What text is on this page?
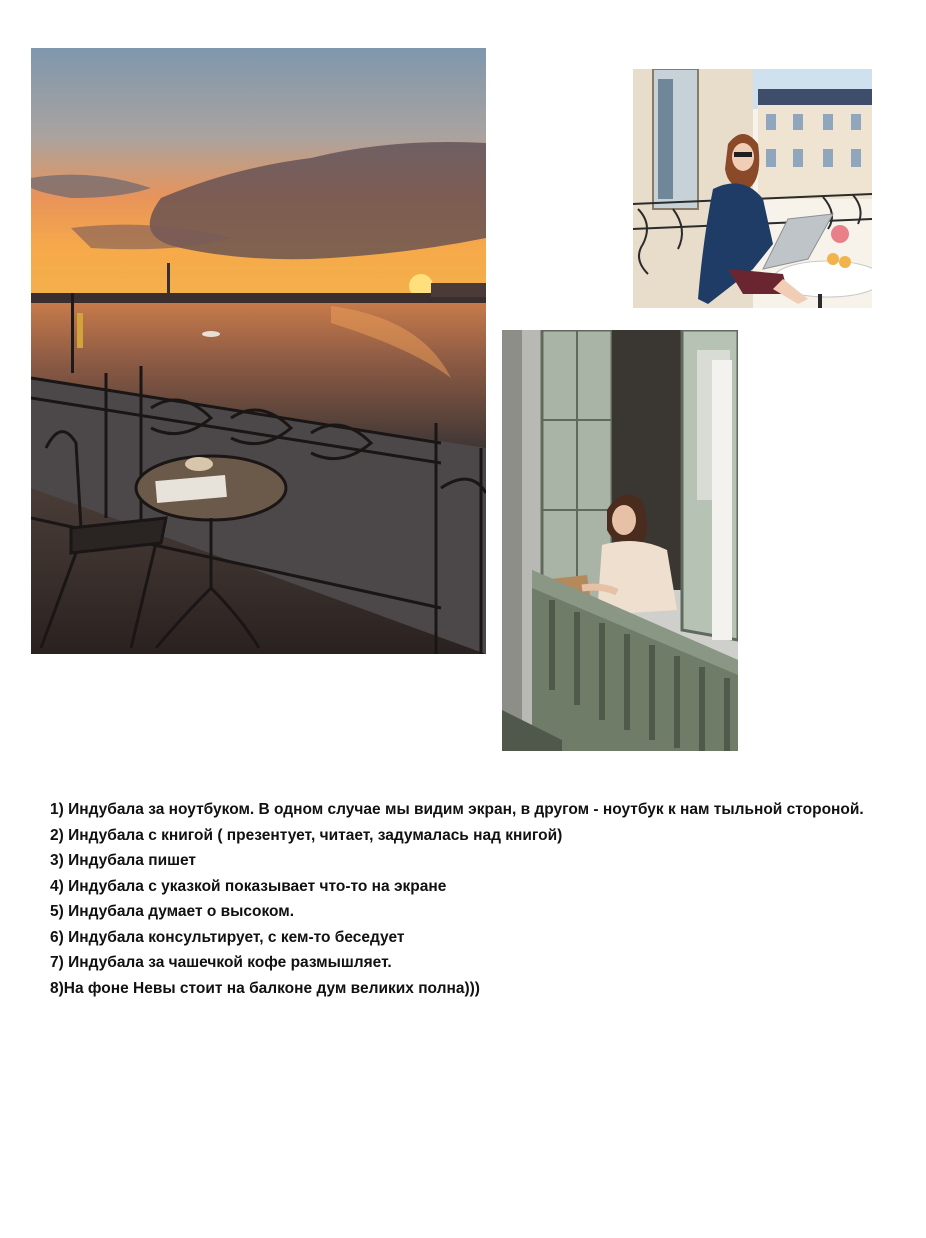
1) Индубала за ноутбуком. В одном случае мы видим экран, в другом - ноутбук к нам тыльной стороной.

2) Индубала с книгой ( презентует, читает, задумалась над книгой)

3) Индубала пишет

4) Индубала с указкой показывает что-то на экране

5) Индубала думает о высоком.

6) Индубала консультирует, с кем-то беседует

7) Индубала за чашечкой кофе размышляет.

8)На фоне Невы стоит на балконе дум великих полна)))
